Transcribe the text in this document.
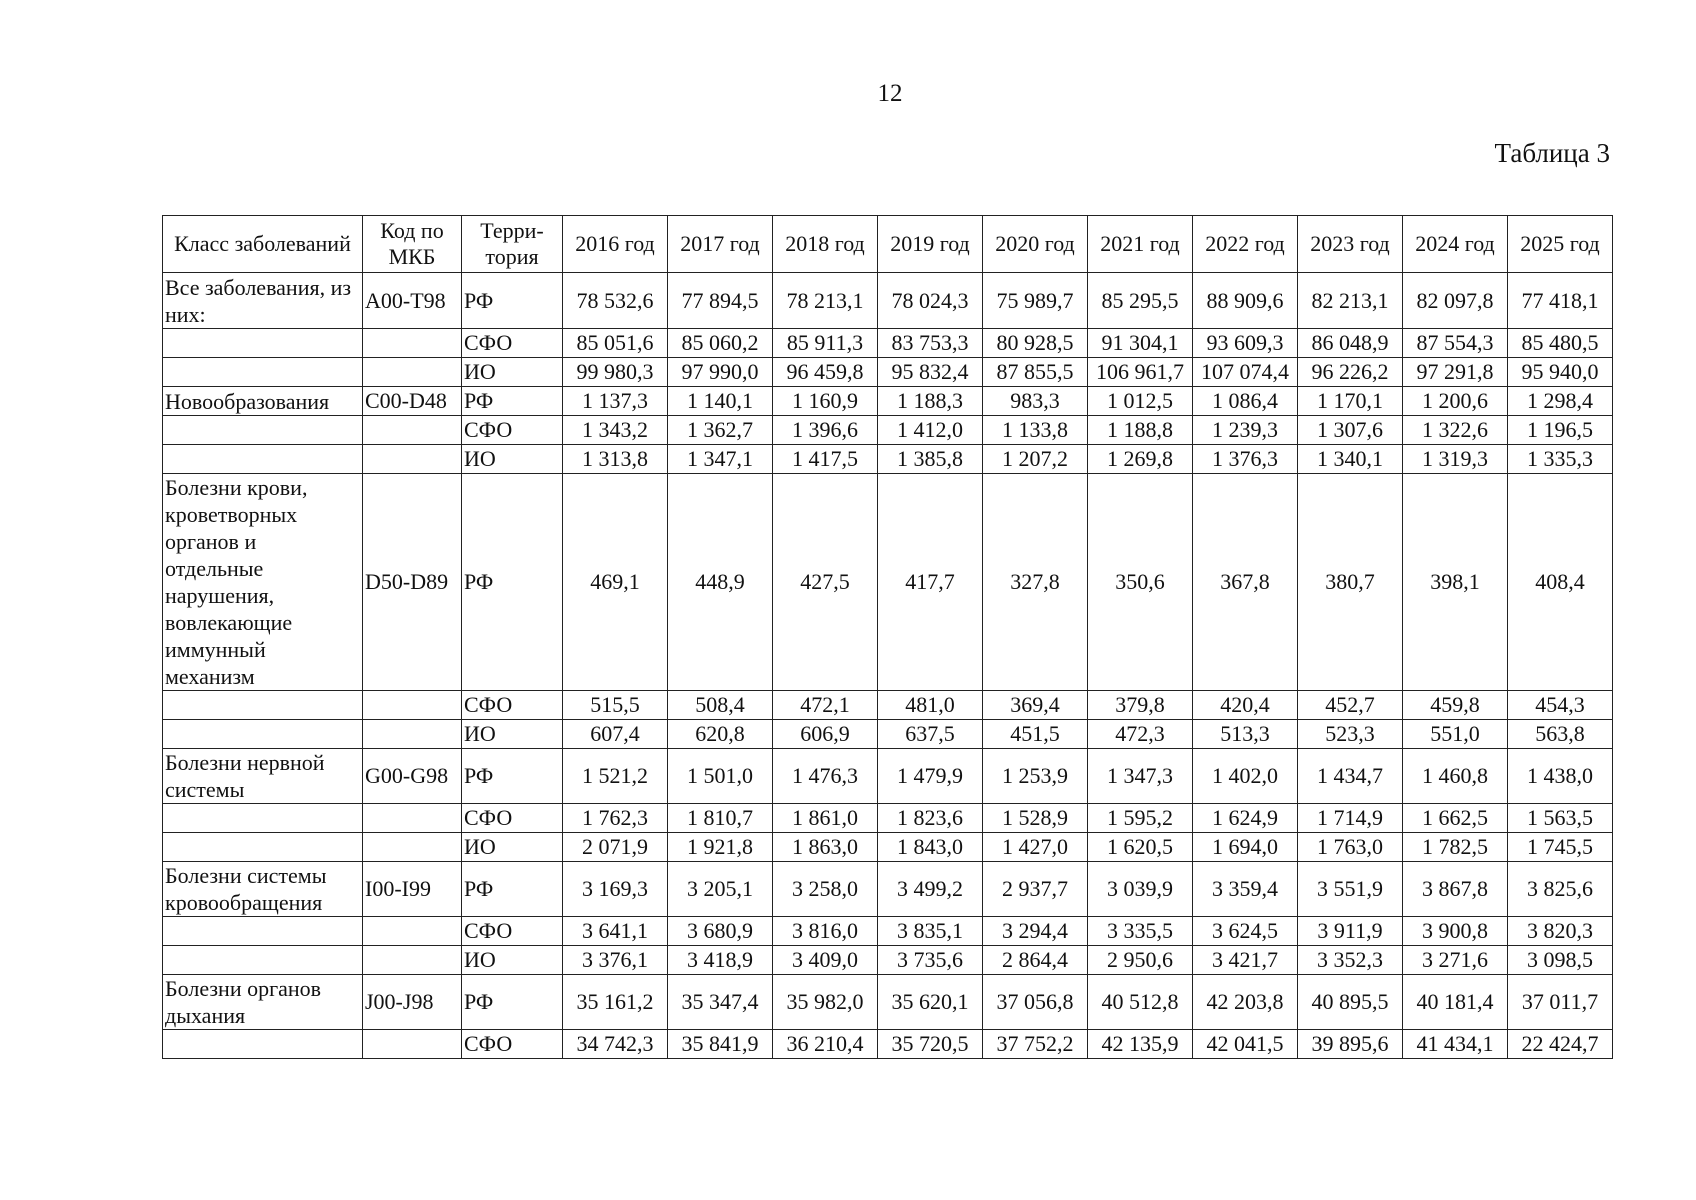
12
Таблица 3
Класс заболеваний	Код по МКБ	Терри-тория	2016 год	2017 год	2018 год	2019 год	2020 год	2021 год	2022 год	2023 год	2024 год	2025 год
Все заболевания, из них:	A00-T98	РФ	78 532,6	77 894,5	78 213,1	78 024,3	75 989,7	85 295,5	88 909,6	82 213,1	82 097,8	77 418,1
		СФО	85 051,6	85 060,2	85 911,3	83 753,3	80 928,5	91 304,1	93 609,3	86 048,9	87 554,3	85 480,5
		ИО	99 980,3	97 990,0	96 459,8	95 832,4	87 855,5	106 961,7	107 074,4	96 226,2	97 291,8	95 940,0
Новообразования	C00-D48	РФ	1 137,3	1 140,1	1 160,9	1 188,3	983,3	1 012,5	1 086,4	1 170,1	1 200,6	1 298,4
		СФО	1 343,2	1 362,7	1 396,6	1 412,0	1 133,8	1 188,8	1 239,3	1 307,6	1 322,6	1 196,5
		ИО	1 313,8	1 347,1	1 417,5	1 385,8	1 207,2	1 269,8	1 376,3	1 340,1	1 319,3	1 335,3
Болезни крови, кроветворных органов и отдельные нарушения, вовлекающие иммунный механизм	D50-D89	РФ	469,1	448,9	427,5	417,7	327,8	350,6	367,8	380,7	398,1	408,4
		СФО	515,5	508,4	472,1	481,0	369,4	379,8	420,4	452,7	459,8	454,3
		ИО	607,4	620,8	606,9	637,5	451,5	472,3	513,3	523,3	551,0	563,8
Болезни нервной системы	G00-G98	РФ	1 521,2	1 501,0	1 476,3	1 479,9	1 253,9	1 347,3	1 402,0	1 434,7	1 460,8	1 438,0
		СФО	1 762,3	1 810,7	1 861,0	1 823,6	1 528,9	1 595,2	1 624,9	1 714,9	1 662,5	1 563,5
		ИО	2 071,9	1 921,8	1 863,0	1 843,0	1 427,0	1 620,5	1 694,0	1 763,0	1 782,5	1 745,5
Болезни системы кровообращения	I00-I99	РФ	3 169,3	3 205,1	3 258,0	3 499,2	2 937,7	3 039,9	3 359,4	3 551,9	3 867,8	3 825,6
		СФО	3 641,1	3 680,9	3 816,0	3 835,1	3 294,4	3 335,5	3 624,5	3 911,9	3 900,8	3 820,3
		ИО	3 376,1	3 418,9	3 409,0	3 735,6	2 864,4	2 950,6	3 421,7	3 352,3	3 271,6	3 098,5
Болезни органов дыхания	J00-J98	РФ	35 161,2	35 347,4	35 982,0	35 620,1	37 056,8	40 512,8	42 203,8	40 895,5	40 181,4	37 011,7
		СФО	34 742,3	35 841,9	36 210,4	35 720,5	37 752,2	42 135,9	42 041,5	39 895,6	41 434,1	22 424,7
